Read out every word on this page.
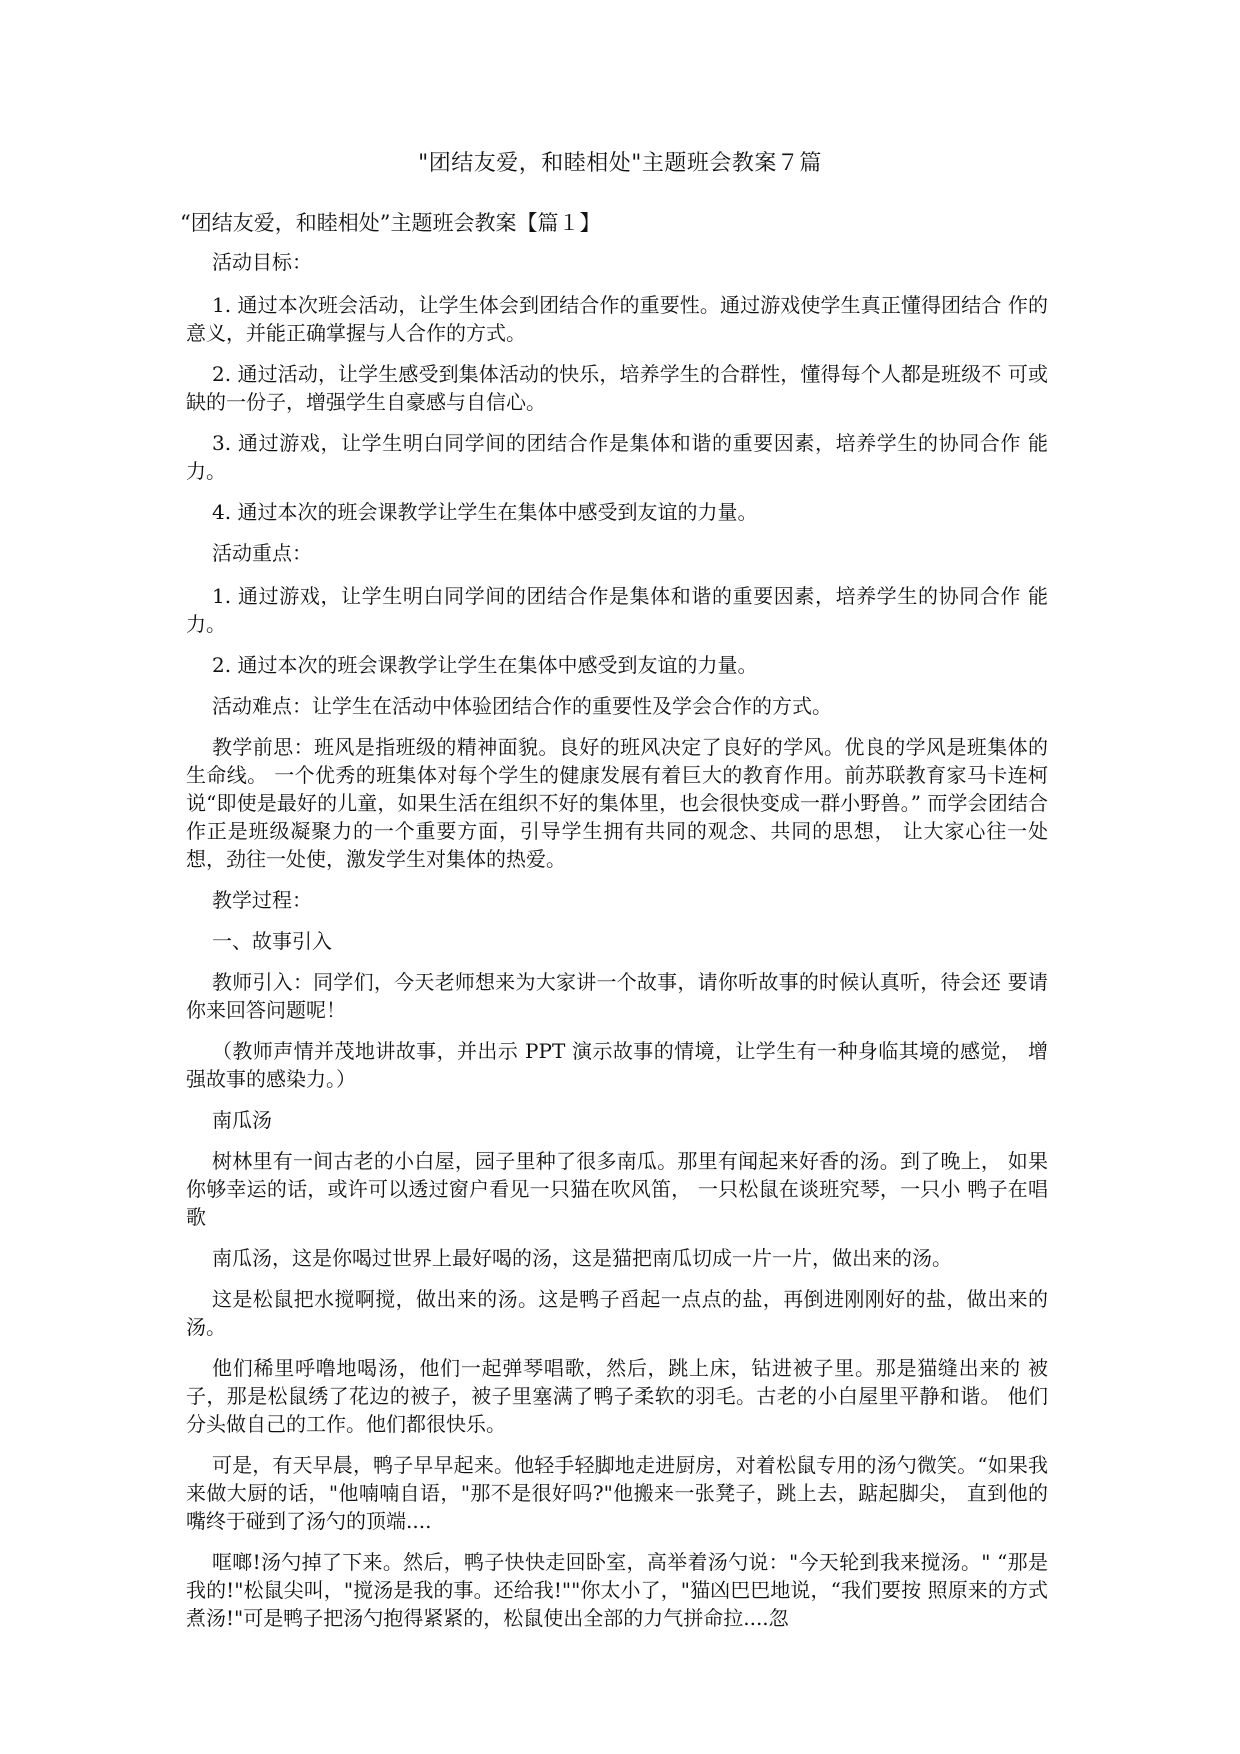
"团结友爱，和睦相处"主题班会教案７篇
“团结友爱，和睦相处”主题班会教案【篇１】

活动目标：

1. 通过本次班会活动，让学生体会到团结合作的重要性。通过游戏使学生真正懂得团结合 作的意义，并能正确掌握与人合作的方式。

2. 通过活动，让学生感受到集体活动的快乐，培养学生的合群性，懂得每个人都是班级不 可或缺的一份子，增强学生自豪感与自信心。

3. 通过游戏，让学生明白同学间的团结合作是集体和谐的重要因素，培养学生的协同合作 能力。

4. 通过本次的班会课教学让学生在集体中感受到友谊的力量。

活动重点：

1. 通过游戏，让学生明白同学间的团结合作是集体和谐的重要因素，培养学生的协同合作 能力。

2. 通过本次的班会课教学让学生在集体中感受到友谊的力量。

活动难点：让学生在活动中体验团结合作的重要性及学会合作的方式。

教学前思：班风是指班级的精神面貌。良好的班风决定了良好的学风。优良的学风是班集体的生命线。 一个优秀的班集体对每个学生的健康发展有着巨大的教育作用。前苏联教育家马卡连柯说“即使是最好的儿童，如果生活在组织不好的集体里，也会很快变成一群小野兽。” 而学会团结合作正是班级凝聚力的一个重要方面，引导学生拥有共同的观念、共同的思想， 让大家心往一处想，劲往一处使，激发学生对集体的热爱。

教学过程：

一、故事引入

教师引入：同学们，今天老师想来为大家讲一个故事，请你听故事的时候认真听，待会还 要请你来回答问题呢！

（教师声情并茂地讲故事，并出示 PPT 演示故事的情境，让学生有一种身临其境的感觉， 增强故事的感染力。）

南瓜汤

树林里有一间古老的小白屋，园子里种了很多南瓜。那里有闻起来好香的汤。到了晚上， 如果你够幸运的话，或许可以透过窗户看见一只猫在吹风笛， 一只松鼠在谈班究琴，一只小 鸭子在唱歌

南瓜汤，这是你喝过世界上最好喝的汤，这是猫把南瓜切成一片一片，做出来的汤。

这是松鼠把水搅啊搅，做出来的汤。这是鸭子舀起一点点的盐，再倒进刚刚好的盐，做出来的汤。

他们稀里呼噜地喝汤，他们一起弹琴唱歌，然后，跳上床，钻进被子里。那是猫缝出来的 被子，那是松鼠绣了花边的被子，被子里塞满了鸭子柔软的羽毛。古老的小白屋里平静和谐。 他们分头做自己的工作。他们都很快乐。

可是，有天早晨，鸭子早早起来。他轻手轻脚地走进厨房，对着松鼠专用的汤勺微笑。“如果我来做大厨的话，"他喃喃自语，"那不是很好吗?"他搬来一张凳子，跳上去，踮起脚尖， 直到他的嘴终于碰到了汤勺的顶端....

哐啷!汤勺掉了下来。然后，鸭子快快走回卧室，高举着汤勺说："今天轮到我来搅汤。" “那是我的!"松鼠尖叫，"搅汤是我的事。还给我!""你太小了，"猫凶巴巴地说，“我们要按 照原来的方式煮汤!"可是鸭子把汤勺抱得紧紧的，松鼠使出全部的力气拼命拉....忽
